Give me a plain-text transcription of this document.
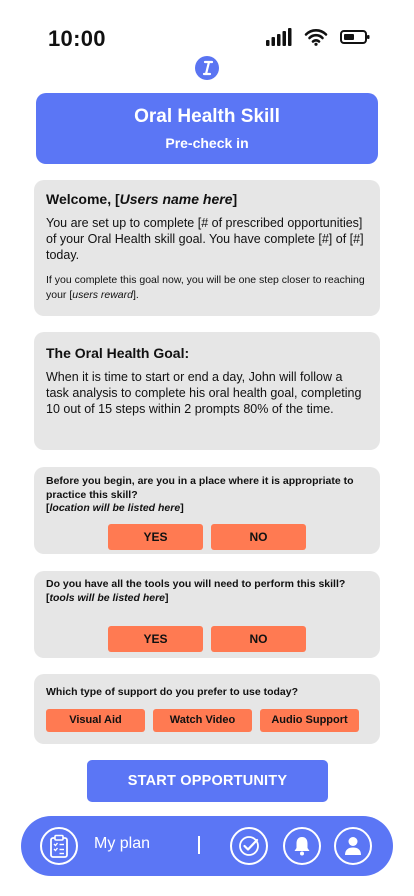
10:00
Oral Health Skill
Pre-check in
Welcome, [Users name here]
You are set up to complete [# of prescribed opportunities] of your Oral Health skill goal. You have complete [#] of [#] today.
If you complete this goal now, you will be one step closer to reaching your [users reward].
The Oral Health Goal:
When it is time to start or end a day, John will follow a task analysis to complete his oral health goal, completing 10 out of 15 steps within 2 prompts 80% of the time.
Before you begin, are you in a place where it is appropriate to practice this skill?
[location will be listed here]
YES	NO
Do you have all the tools you will need to perform this skill?
[tools will be listed here]
YES	NO
Which type of support do you prefer to use today?
Visual Aid	Watch Video	Audio Support
START OPPORTUNITY
My plan
